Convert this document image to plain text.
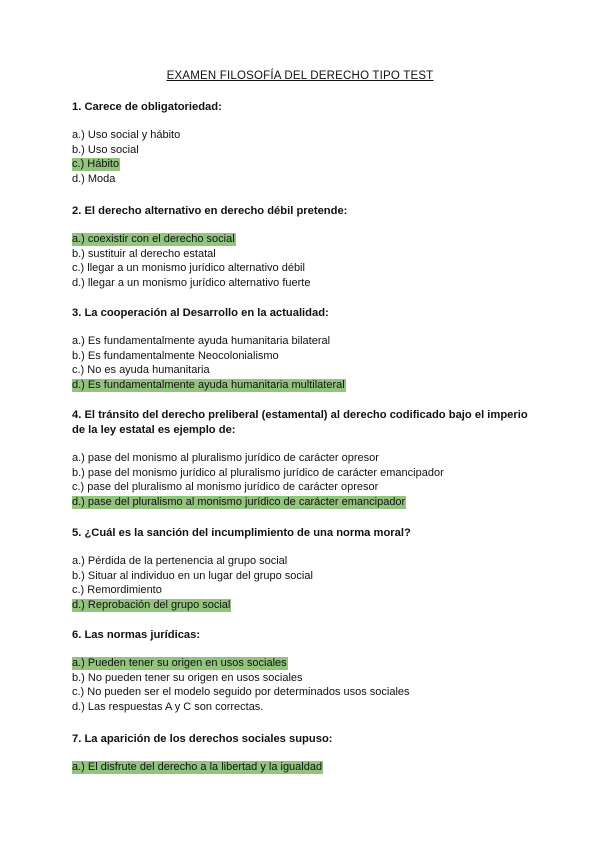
EXAMEN FILOSOFÍA DEL DERECHO TIPO TEST

1. Carece de obligatoriedad:

a.) Uso social y hábito
b.) Uso social
c.) Hábito
d.) Moda

2. El derecho alternativo en derecho débil pretende:

a.) coexistir con el derecho social
b.) sustituir al derecho estatal
c.) llegar a un monismo jurídico alternativo débil
d.) llegar a un monismo jurídico alternativo fuerte

3. La cooperación al Desarrollo en la actualidad:

a.) Es fundamentalmente ayuda humanitaria bilateral
b.) Es fundamentalmente Neocolonialismo
c.) No es ayuda humanitaria
d.) Es fundamentalmente ayuda humanitaria multilateral

4. El tránsito del derecho preliberal (estamental) al derecho codificado bajo el imperio de la ley estatal es ejemplo de:

a.) pase del monismo al pluralismo jurídico de carácter opresor
b.) pase del monismo jurídico al pluralismo jurídico de carácter emancipador
c.) pase del pluralismo al monismo jurídico de carácter opresor
d.) pase del pluralismo al monismo jurídico de carácter emancipador

5. ¿Cuál es la sanción del incumplimiento de una norma moral?

a.) Pérdida de la pertenencia al grupo social
b.) Situar al individuo en un lugar del grupo social
c.) Remordimiento
d.) Reprobación del grupo social

6. Las normas jurídicas:

a.) Pueden tener su origen en usos sociales
b.) No pueden tener su origen en usos sociales
c.) No pueden ser el modelo seguido por determinados usos sociales
d.) Las respuestas A y C son correctas.

7. La aparición de los derechos sociales supuso:

a.) El disfrute del derecho a la libertad y la igualdad
